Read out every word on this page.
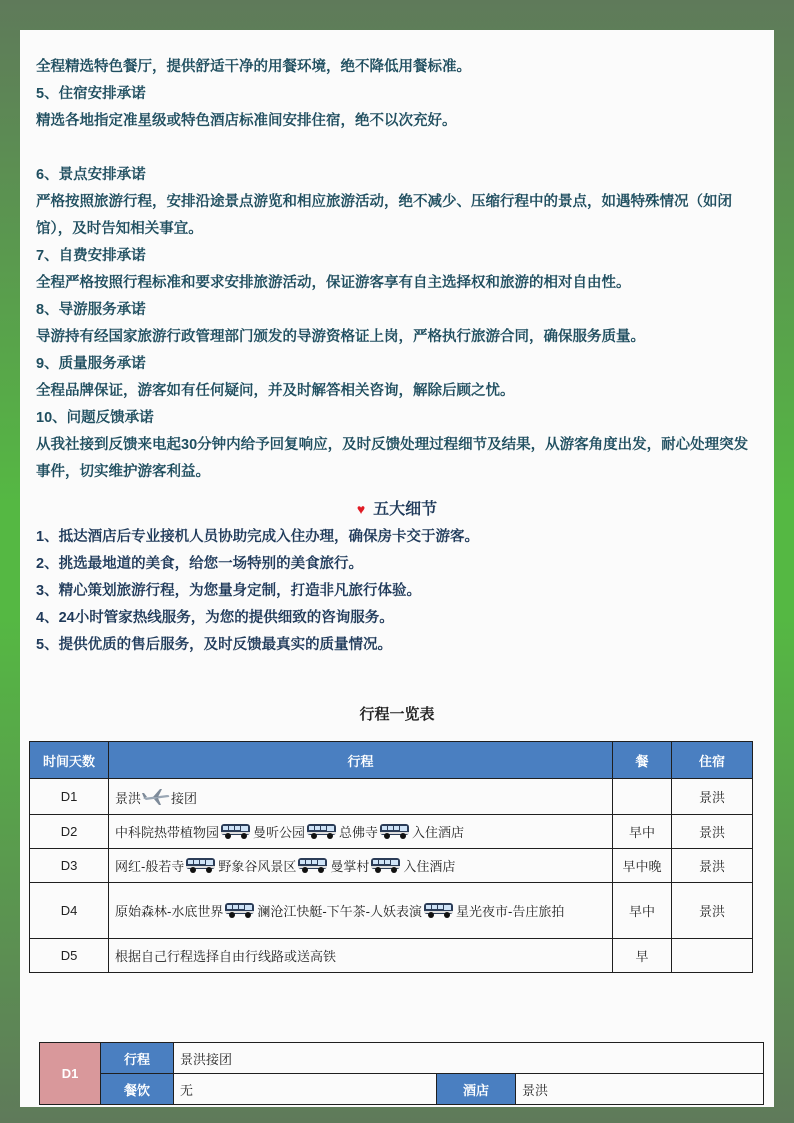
全程精选特色餐厅，提供舒适干净的用餐环境，绝不降低用餐标准。

5、住宿安排承诺

精选各地指定准星级或特色酒店标准间安排住宿，绝不以次充好。

6、景点安排承诺

严格按照旅游行程，安排沿途景点游览和相应旅游活动，绝不减少、压缩行程中的景点，如遇特殊情况（如闭馆），及时告知相关事宜。

7、自费安排承诺

全程严格按照行程标准和要求安排旅游活动，保证游客享有自主选择权和旅游的相对自由性。

8、导游服务承诺

导游持有经国家旅游行政管理部门颁发的导游资格证上岗，严格执行旅游合同，确保服务质量。

9、质量服务承诺

全程品牌保证，游客如有任何疑问，并及时解答相关咨询，解除后顾之忧。

10、问题反馈承诺

从我社接到反馈来电起30分钟内给予回复响应，及时反馈处理过程细节及结果，从游客角度出发，耐心处理突发事件，切实维护游客利益。

♥ 五大细节

1、抵达酒店后专业接机人员协助完成入住办理，确保房卡交于游客。

2、挑选最地道的美食，给您一场特别的美食旅行。

3、精心策划旅游行程，为您量身定制，打造非凡旅行体验。

4、24小时管家热线服务，为您的提供细致的咨询服务。

5、提供优质的售后服务，及时反馈最真实的质量情况。

行程一览表
时间天数	行程	餐	住宿
D1	景洪 接团		景洪
D2	中科院热带植物园 曼听公园 总佛寺 入住酒店	早中	景洪
D3	网红-般若寺 野象谷风景区 曼掌村 入住酒店	早中晚	景洪
D4	原始森林-水底世界 澜沧江快艇-下午茶-人妖表演 星光夜市-告庄旅拍	早中	景洪
D5	根据自己行程选择自由行线路或送高铁	早	
D1	行程	景洪接团		
	餐饮	无	酒店	景洪
